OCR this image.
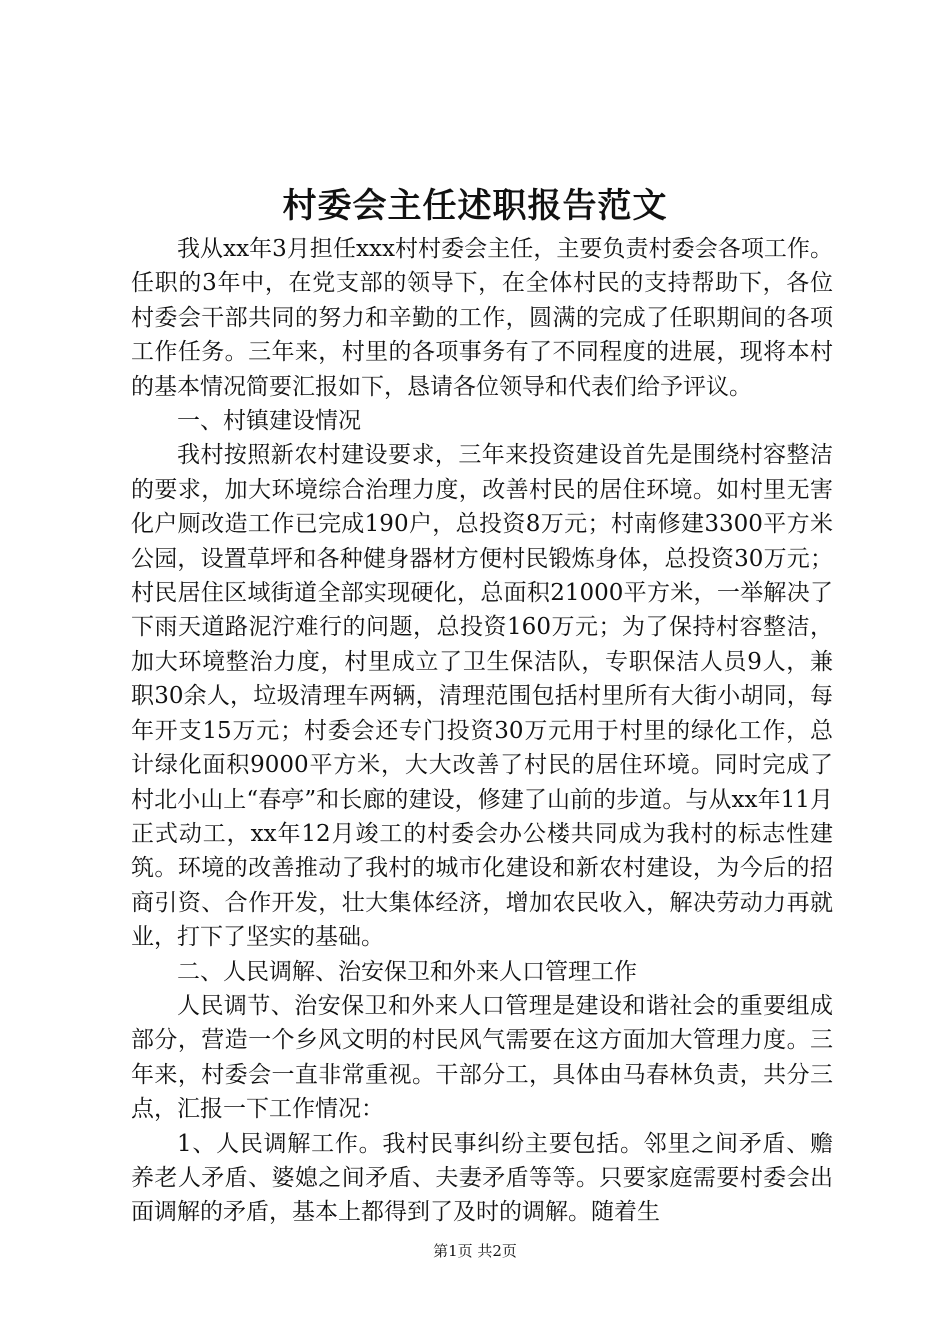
村委会主任述职报告范文

我从xx年3月担任xxx村村委会主任，主要负责村委会各项工作。任职的3年中，在党支部的领导下，在全体村民的支持帮助下，各位村委会干部共同的努力和辛勤的工作，圆满的完成了任职期间的各项工作任务。三年来，村里的各项事务有了不同程度的进展，现将本村的基本情况简要汇报如下，恳请各位领导和代表们给予评议。

一、村镇建设情况

我村按照新农村建设要求，三年来投资建设首先是围绕村容整洁的要求，加大环境综合治理力度，改善村民的居住环境。如村里无害化户厕改造工作已完成190户，总投资8万元；村南修建3300平方米公园，设置草坪和各种健身器材方便村民锻炼身体，总投资30万元；村民居住区域街道全部实现硬化，总面积21000平方米，一举解决了下雨天道路泥泞难行的问题，总投资160万元；为了保持村容整洁，加大环境整治力度，村里成立了卫生保洁队，专职保洁人员9人，兼职30余人，垃圾清理车两辆，清理范围包括村里所有大街小胡同，每年开支15万元；村委会还专门投资30万元用于村里的绿化工作，总计绿化面积9000平方米，大大改善了村民的居住环境。同时完成了村北小山上“春亭”和长廊的建设，修建了山前的步道。与从xx年11月正式动工，xx年12月竣工的村委会办公楼共同成为我村的标志性建筑。环境的改善推动了我村的城市化建设和新农村建设，为今后的招商引资、合作开发，壮大集体经济，增加农民收入，解决劳动力再就业，打下了坚实的基础。

二、人民调解、治安保卫和外来人口管理工作

人民调节、治安保卫和外来人口管理是建设和谐社会的重要组成部分，营造一个乡风文明的村民风气需要在这方面加大管理力度。三年来，村委会一直非常重视。干部分工，具体由马春林负责，共分三点，汇报一下工作情况：

1、人民调解工作。我村民事纠纷主要包括。邻里之间矛盾、赡养老人矛盾、婆媳之间矛盾、夫妻矛盾等等。只要家庭需要村委会出面调解的矛盾，基本上都得到了及时的调解。随着生

第1页 共2页
